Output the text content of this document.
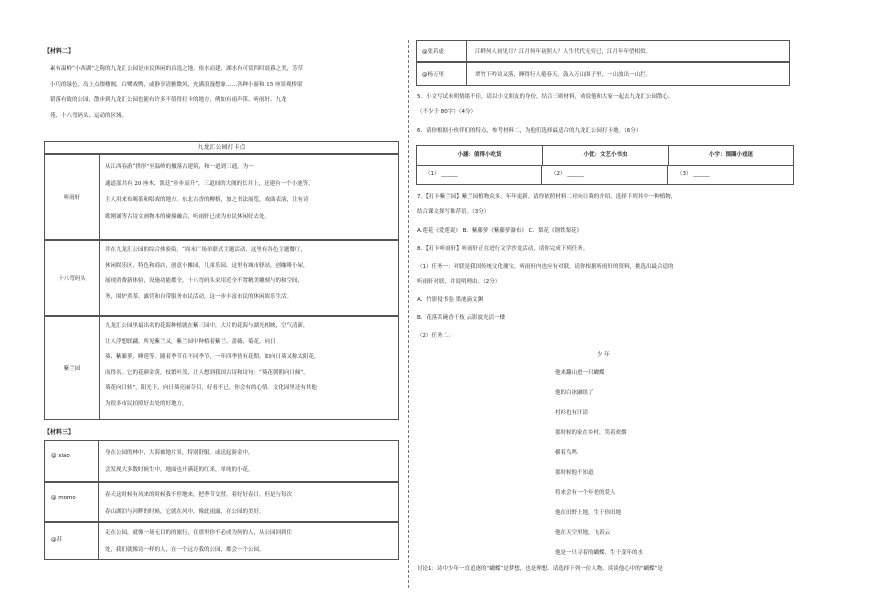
【材料二】
素有温岭“小西湖”之称的九龙汇公园是市民休闲的首选之地。依水而建，湖水有可赏四时晨暮之美，芳草
小巧的绿色，岛上点缀楼阁，白鹭戏鸭，或静享清雅微风，充满浪漫想象……各种小游和 15 座景观桥梁
错落有致的公园，散步到九龙汇公园也能有许多不值得打卡的地方，例如有雨声笛、听雨轩、九龙
苑、十八弯码头、运动的区域。
九龙汇公园打卡点
听雨轩
从江西春游“拱形”至温岭的撤落古建筑，和一道到三通，为一
通道部共有 20 座木，凯廷“步步高升”。三道间的大阁的长并上，还建有一个小池等，
主人用来布喝茶和唱戏的地方。东北古香的柳格，加之书法展览，戏曲表演，让有诗
歌刚诵等古诗文画物本的碰撞融合，听雨轩已成为市民休闲好去处。
十八弯码头
并在九龙汇公园的综合体验街，“周末广场单联式主题活动，这里有各色主题餐厅，
休闲娱乐区，特色和商店，创意小摊园，儿童乐园。这里有城市驿站，创咖啡小屋，
展现消费新体验，设施功能都全。十八弯码头采用近全不置精美雕刻与的和空间，
务，围炉煮茶、露营和自带服务市民活动，这一步丰富市民的休闲娱乐生活。
紫兰园
九龙汇公园里最出名的花海种植就在紫三园中，大片的花海与湖光相映，空气清新，
让人浮想联翩。所见紫兰又，紫兰园中种植着紫兰、蔷薇、菊花、向日
葵、紫藤萝、睡莲等。随着季节在不同季节，一年四季皆有花期。如向日葵又称太阳花，
而得名。它的花颜金黄，枝繁叶茂，让人想到我国古诗和诗句：“葵花朝朝向日倾”，
葵花向日转”，阳光下，向日葵亮丽夺目，好看不已，你会有的心情。文化园里还有其他
为很多市民拍照好去处的好地方。
【材料三】
@ xiao	身在公园的林中，大海被地片景，特别舒服。或送起游金中，
会发现大多数时候生中，地面也开满花的红米，单纯的小花。
@ momo	春天这时候有风来的时候我不停地来，把季节交替，着好好春日，但是与每次
春山湖泊与河畔的时候，它就在风中，像此雨露，在公园的美好。
@苏
走在公园，就像一场无目的的旅行，在那里你不必成为何的人，从公园回到住
处，我们就像诗一样的人，在一个远方我的公园，都会一个公园。
@张若虚	江畔何人初见月？江月何年初照人？人生代代无穷已，江月年年望相似。
@杨万里	翠竹下吟诗又落，睡得行人倦春天。鼓入万山围子里，一山放出一山拦。
5．小文写试未明情绪不佳，请以小文朋友的身份，结合三则材料，劝说他和大家一起去九龙汇公园散心。
（不少于 80字）（4分）
6．请你根据小伙伴们的特点，参考材料二，为他们选择最适合的九龙汇公园打卡地。（6分）
小涵：值得小吃货	小优：文艺小书虫	小宇：围圈小戏迷
（1） ______	（2） ______	（3） ______
7．【打卡紫兰园】紫兰园植物众多，年年更新。请你依照材料二对向日葵的介绍，选择下列其中一种植物，
结合课文探写推荐语。（3分）
A.莲花《爱莲说》 B．紫藤萝《紫藤萝瀑布》 C．梨花《钢铁梨花》
8．【打卡听雨轩】听雨轩正在进行文学沙龙活动，请你完成下列任务。
（1）任务一：对联是我国传统文化瑰宝，听雨轩内也应有对联，请你根据听雨轩的资料，挑选出最合适的
听雨轩对联，并说明理由。（2分）
A．竹影侵书卷 墨池滴文渊
B．花落茗碗香千枝 云影波光活一楼
（2）任务二：
少 年
他来翻山进一只蝴蝶
他的白冰融组了
衬衫也有汗渍
那时候的家在乡村，笑着欢烟
横着鸟鸣
那时候他不知道
将来会有一个年老的爱人
他在田野上地，生于你田地
他在天空里地，飞着云
他是一只寻着的蝴蝶，生于变年的水
讨论1：诗中少年一直追逐的“蝴蝶”是梦想，也是理想。请选择下列一位人物，谈谈他心中的“蝴蝶”是
